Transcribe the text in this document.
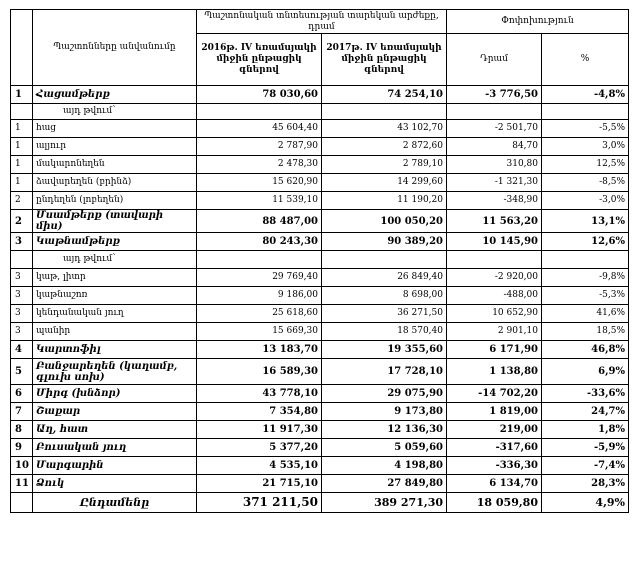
	Պաշտոնները անվանումը	Պաշտոնական տնտեսության տարեկան արժեքը, դրամ		Փոփոխություն	
		2016թ. IV եռամսյակի միջին ընթացիկ գներով	2017թ. IV եռամսյակի միջին ընթացիկ գներով	Դրամ	%
1	Հացամթերք	78 030,60	74 254,10	-3 776,50	-4,8%
	այդ թվում՝				
1	հաց	45 604,40	43 102,70	-2 501,70	-5,5%
1	ալյուր	2 787,90	2 872,60	84,70	3,0%
1	մակարոնեղեն	2 478,30	2 789,10	310,80	12,5%
1	ձավարեղեն (բրինձ)	15 620,90	14 299,60	-1 321,30	-8,5%
2	ընդեղեն (լոբեղեն)	11 539,10	11 190,20	-348,90	-3,0%
2	Մսամթերք (տավարի միս)	88 487,00	100 050,20	11 563,20	13,1%
3	Կաթնամթերք	80 243,30	90 389,20	10 145,90	12,6%
	այդ թվում՝				
3	կաթ, լիտր	29 769,40	26 849,40	-2 920,00	-9,8%
3	կաթնաշոռ	9 186,00	8 698,00	-488,00	-5,3%
3	կենդանական յուղ	25 618,60	36 271,50	10 652,90	41,6%
3	պանիր	15 669,30	18 570,40	2 901,10	18,5%
4	Կարտոֆիլ	13 183,70	19 355,60	6 171,90	46,8%
5	Բանջարեղեն (կաղամբ, գլուխ սոխ)	16 589,30	17 728,10	1 138,80	6,9%
6	Միրգ (խնձոր)	43 778,10	29 075,90	-14 702,20	-33,6%
7	Շաքար	7 354,80	9 173,80	1 819,00	24,7%
8	Աղ, հատ	11 917,30	12 136,30	219,00	1,8%
9	Բուսական յուղ	5 377,20	5 059,60	-317,60	-5,9%
10	Մարգարին	4 535,10	4 198,80	-336,30	-7,4%
11	Ձուկ	21 715,10	27 849,80	6 134,70	28,3%
	Ընդամենը	371 211,50	389 271,30	18 059,80	4,9%
